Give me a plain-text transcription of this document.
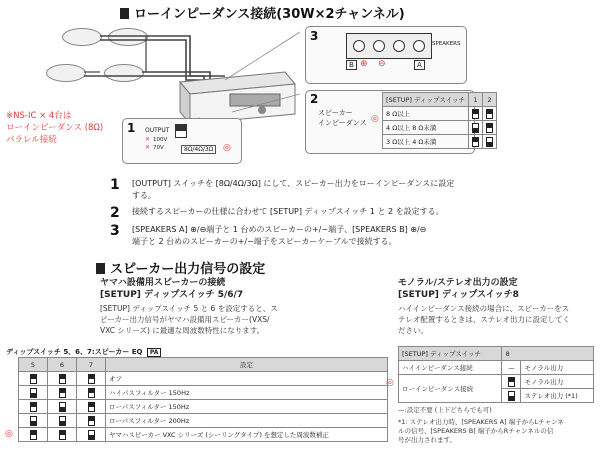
ローインピーダンス接続(30W×2チャンネル)
※NS-IC × 4台は
ローインピーダンス (8Ω)
パラレル接続
1 OUTPUT
✕ 100V
✕ 70V	8Ω/4Ω/3Ω	◎
3
B ⊕ ⊖	A
SPEAKERS
2
スピーカー
インピーダンス ◎
[SETUP] ディップスイッチ	1	2
8 Ω以上		
4 Ω以上 8 Ω未満		
3 Ω以上 4 Ω未満		
1 [OUTPUT] スイッチを [8Ω/4Ω/3Ω] にして、スピーカー出力をローインピーダンスに設定
する。
2 接続するスピーカーの仕様に合わせて [SETUP] ディップスイッチ 1 と 2 を設定する。
3 [SPEAKERS A] ⊕/⊖端子と 1 台めのスピーカーの+/−端子、[SPEAKERS B] ⊕/⊖
端子と 2 台めのスピーカーの+/−端子をスピーカーケーブルで接続する。
スピーカー出力信号の設定
ヤマハ設備用スピーカーの接続
[SETUP] ディップスイッチ 5/6/7
[SETUP] ディップスイッチ 5 と 6 を設定すると、ス
ピーカー出力信号がヤマハ設備用スピーカー(VXS/
VXC シリーズ) に最適な周波数特性になります。
ディップスイッチ 5、6、7:スピーカー EQ PA
5	6	7	設定
			オフ
			ハイパスフィルター 150Hz
			ローパスフィルター 150Hz
			ローパスフィルター 200Hz
			ヤマハスピーカー VXC シリーズ (シーリングタイプ) を想定した周波数補正
◎
モノラル/ステレオ出力の設定
[SETUP] ディップスイッチ8
ハイインピーダンス接続の場合に、スピーカーをス
テレオ配置するときは、ステレオ出力に設定してく
ださい。
[SETUP] ディップスイッチ	8	
ハイインピーダンス接続	—	モノラル出力
ローインピーダンス接続		モノラル出力
		ステレオ出力 (*1)
◎
—:設定不要 (上下どちらでも可)
*1: ステレオ出力時、[SPEAKERS A] 端子からLチャンネ
ルの信号、[SPEAKERS B] 端子からRチャンネルの信
号が出力されます。
